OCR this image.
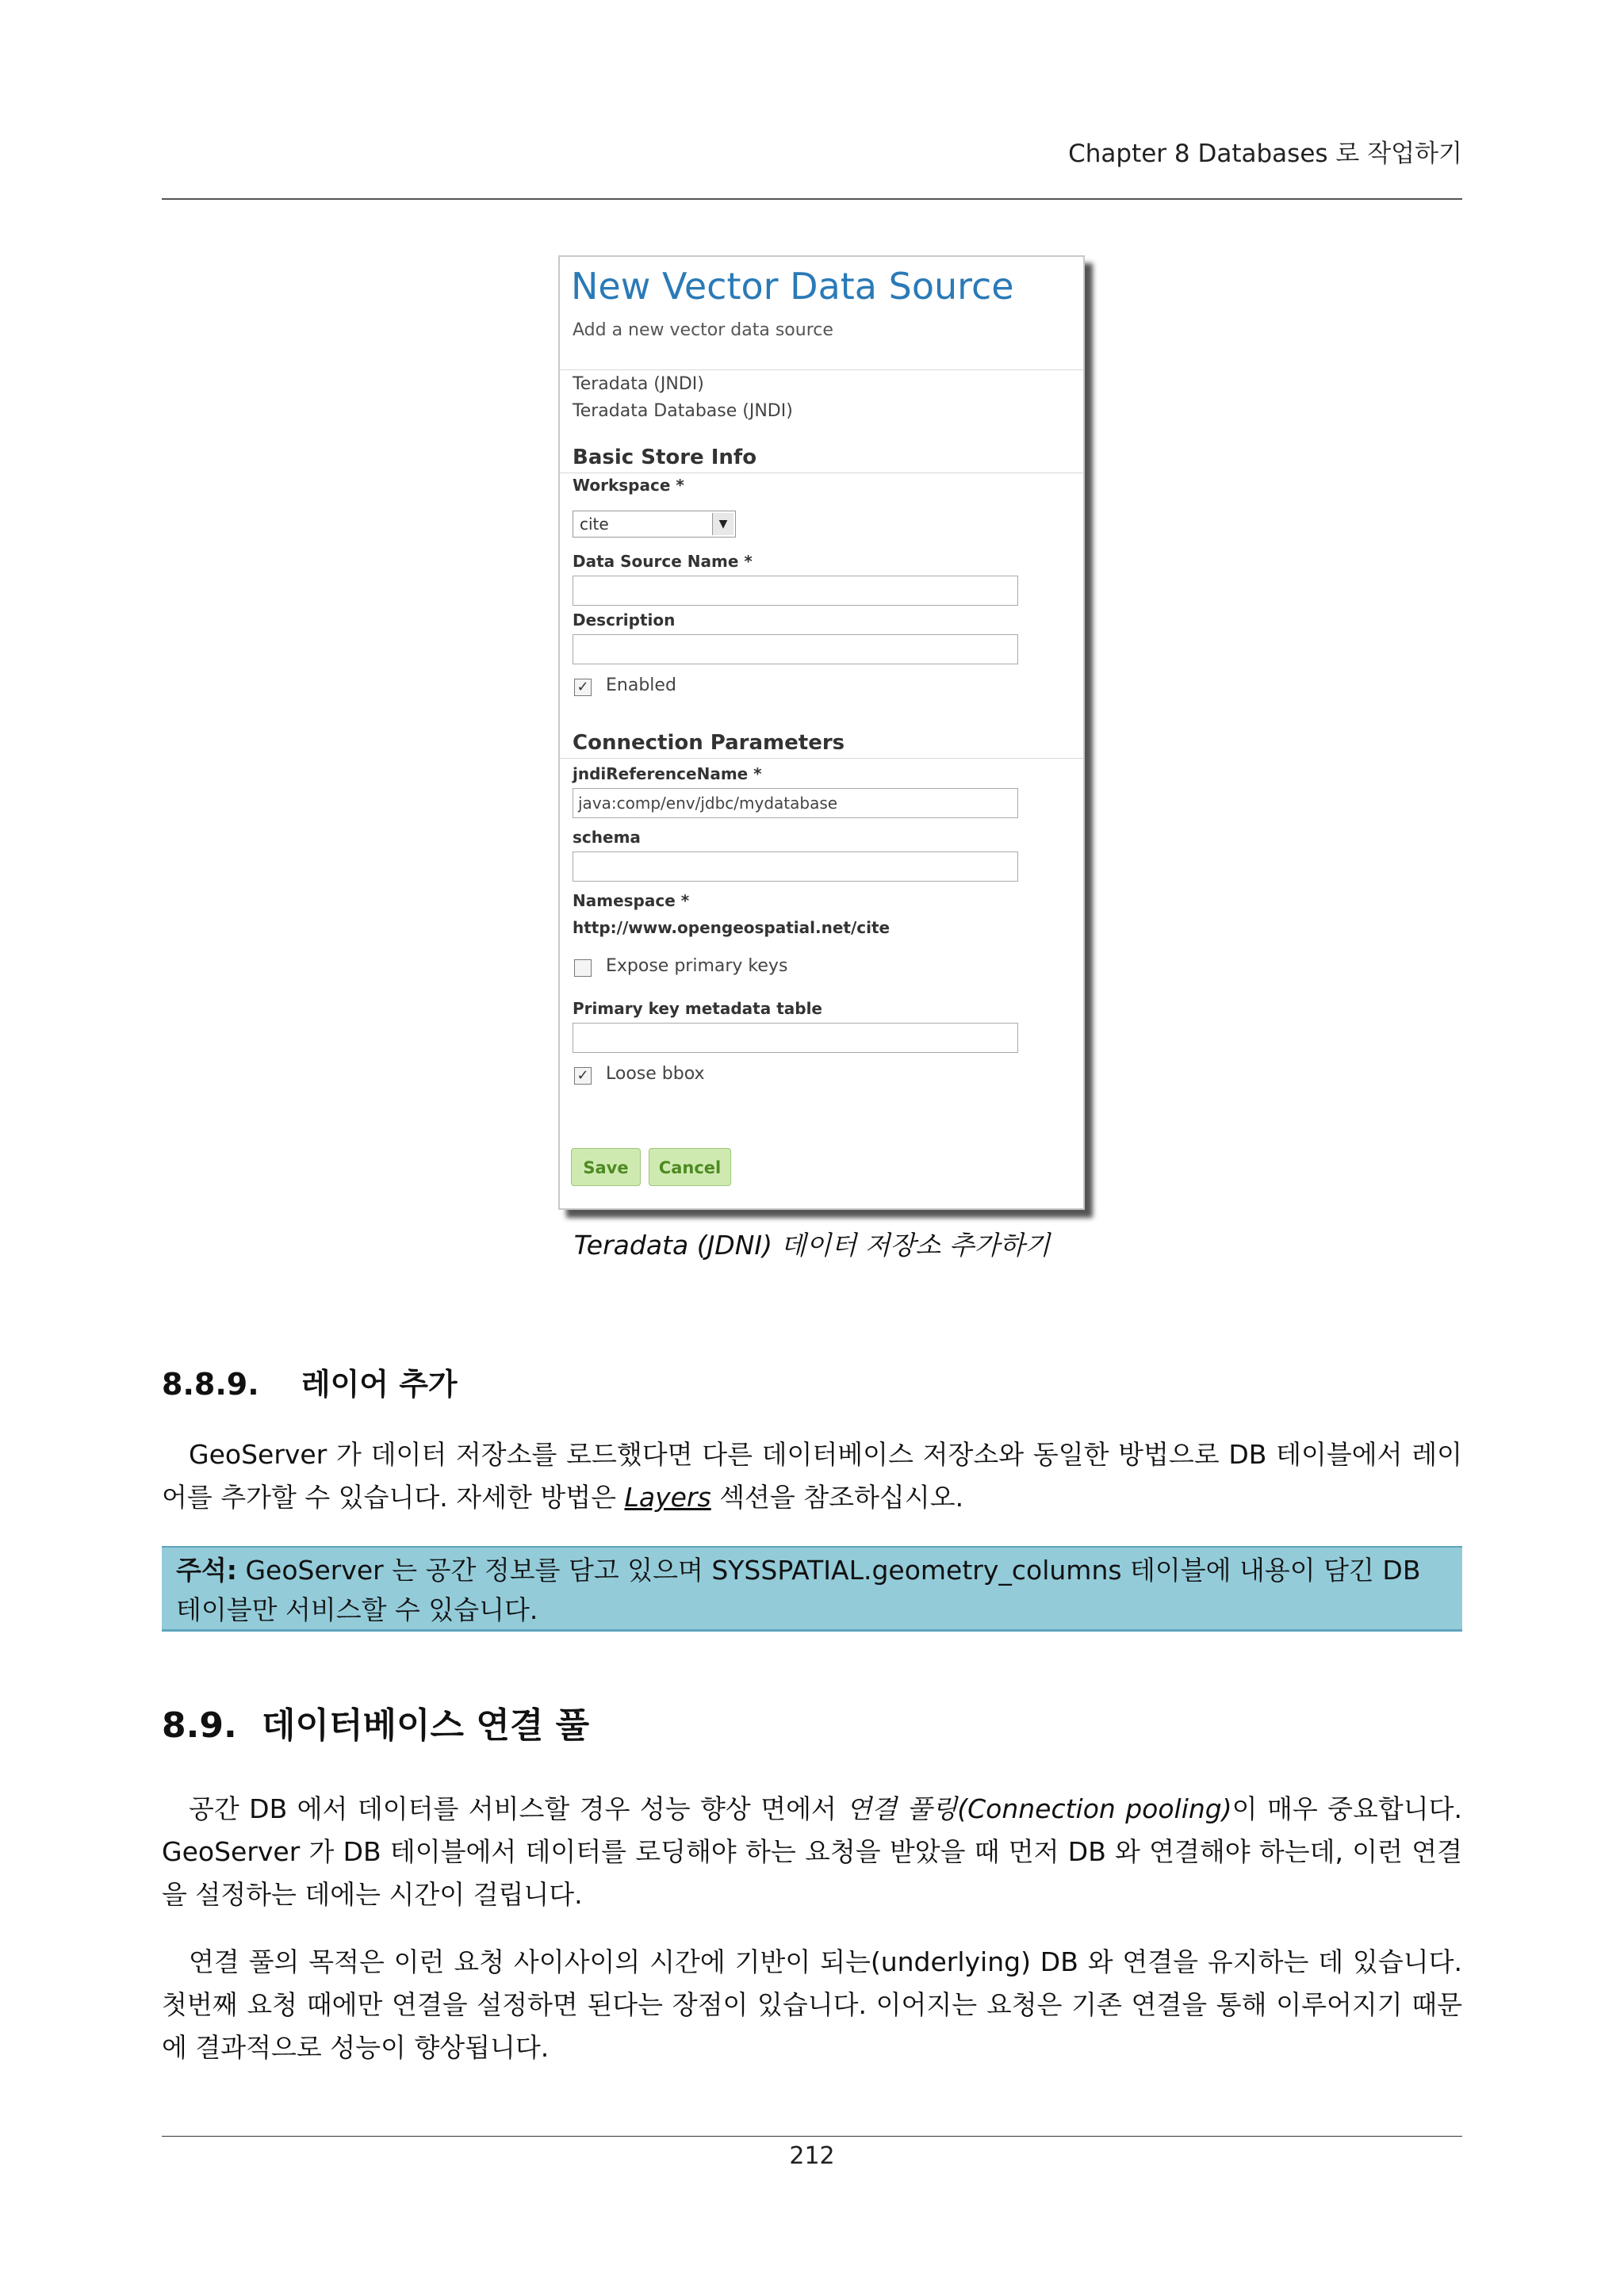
Chapter 8 Databases 로 작업하기
New Vector Data Source
Add a new vector data source
Teradata (JNDI)
Teradata Database (JNDI)
Basic Store Info
Workspace *
cite	▼
Data Source Name *
Description
✓ Enabled
Connection Parameters
jndiReferenceName *
java:comp/env/jdbc/mydatabase
schema
Namespace *
http://www.opengeospatial.net/cite
Expose primary keys
Primary key metadata table
✓ Loose bbox
Save	Cancel
Teradata (JDNI) 데이터 저장소 추가하기
8.8.9. 레이어 추가
GeoServer 가 데이터 저장소를 로드했다면 다른 데이터베이스 저장소와 동일한 방법으로 DB 테이블에서 레이어를 추가할 수 있습니다. 자세한 방법은 Layers 섹션을 참조하십시오.
주석: GeoServer 는 공간 정보를 담고 있으며 SYSSPATIAL.geometry_columns 테이블에 내용이 담긴 DB 테이블만 서비스할 수 있습니다.
8.9. 데이터베이스 연결 풀
공간 DB 에서 데이터를 서비스할 경우 성능 향상 면에서 연결 풀링(Connection pooling)이 매우 중요합니다. GeoServer 가 DB 테이블에서 데이터를 로딩해야 하는 요청을 받았을 때 먼저 DB 와 연결해야 하는데, 이런 연결을 설정하는 데에는 시간이 걸립니다.
연결 풀의 목적은 이런 요청 사이사이의 시간에 기반이 되는(underlying) DB 와 연결을 유지하는 데 있습니다. 첫번째 요청 때에만 연결을 설정하면 된다는 장점이 있습니다. 이어지는 요청은 기존 연결을 통해 이루어지기 때문에 결과적으로 성능이 향상됩니다.
212
